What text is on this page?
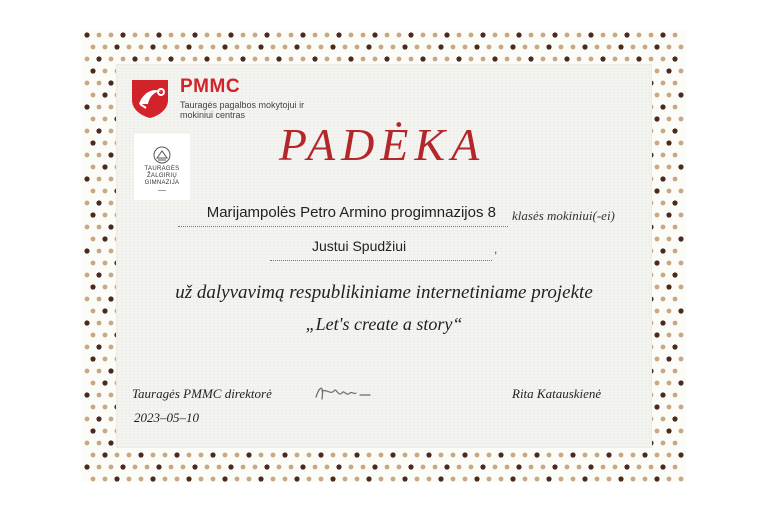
PMMC
Tauragės pagalbos mokytojui ir mokiniui centras
TAURAGĖS
ŽALGIRIŲ
GIMNAZIJA
PADĖKA
Marijampolės Petro Armino progimnazijos 8 klasės mokiniui(-ei)
Justui Spudžiui	,
už dalyvavimą respublikiniame internetiniame projekte
„Let's create a story“
Tauragės PMMC direktorė	Rita Katauskienė
2023–05–10
